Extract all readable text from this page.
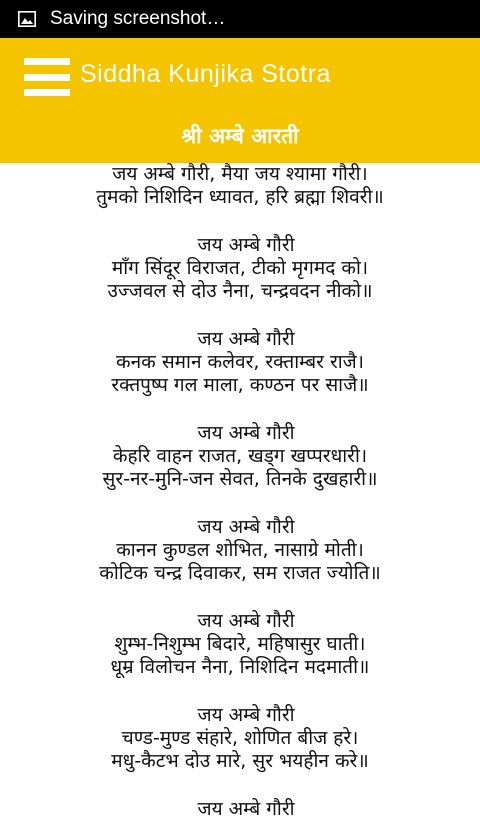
Saving screenshot…
Siddha Kunjika Stotra
श्री अम्बे आरती
जय अम्बे गौरी, मैया जय श्यामा गौरी।
तुमको निशिदिन ध्यावत, हरि ब्रह्मा शिवरी॥
जय अम्बे गौरी
माँग सिंदूर विराजत, टीको मृगमद को।
उज्जवल से दोउ नैना, चन्द्रवदन नीको॥
जय अम्बे गौरी
कनक समान कलेवर, रक्ताम्बर राजै।
रक्तपुष्प गल माला, कण्ठन पर साजै॥
जय अम्बे गौरी
केहरि वाहन राजत, खड्ग खप्परधारी।
सुर-नर-मुनि-जन सेवत, तिनके दुखहारी॥
जय अम्बे गौरी
कानन कुण्डल शोभित, नासाग्रे मोती।
कोटिक चन्द्र दिवाकर, सम राजत ज्योति॥
जय अम्बे गौरी
शुम्भ-निशुम्भ बिदारे, महिषासुर घाती।
धूम्र विलोचन नैना, निशिदिन मदमाती॥
जय अम्बे गौरी
चण्ड-मुण्ड संहारे, शोणित बीज हरे।
मधु-कैटभ दोउ मारे, सुर भयहीन करे॥
जय अम्बे गौरी
